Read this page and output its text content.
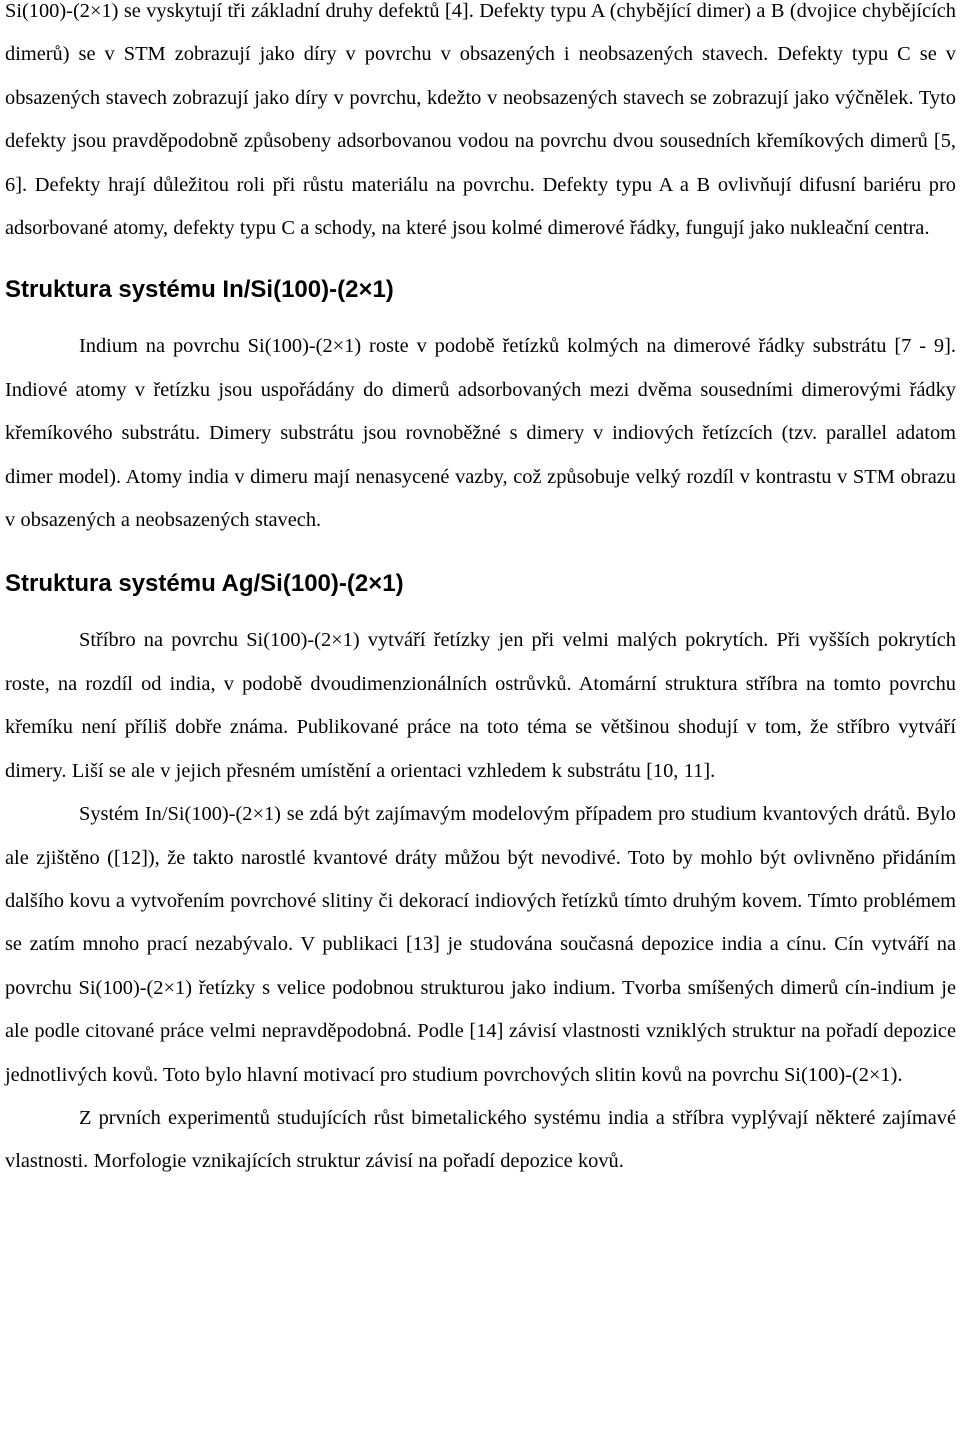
Si(100)-(2×1) se vyskytují tři základní druhy defektů [4]. Defekty typu A (chybějící dimer) a B (dvojice chybějících dimerů) se v STM zobrazují jako díry v povrchu v obsazených i neobsazených stavech. Defekty typu C se v obsazených stavech zobrazují jako díry v povrchu, kdežto v neobsazených stavech se zobrazují jako výčnělek. Tyto defekty jsou pravděpodobně způsobeny adsorbovanou vodou na povrchu dvou sousedních křemíkových dimerů [5, 6]. Defekty hrají důležitou roli při růstu materiálu na povrchu. Defekty typu A a B ovlivňují difusní bariéru pro adsorbované atomy, defekty typu C a schody, na které jsou kolmé dimerové řádky, fungují jako nukleační centra.

Struktura systému In/Si(100)-(2×1)

Indium na povrchu Si(100)-(2×1) roste v podobě řetízků kolmých na dimerové řádky substrátu [7 - 9]. Indiové atomy v řetízku jsou uspořádány do dimerů adsorbovaných mezi dvěma sousedními dimerovými řádky křemíkového substrátu. Dimery substrátu jsou rovnoběžné s dimery v indiových řetízcích (tzv. parallel adatom dimer model). Atomy india v dimeru mají nenasycené vazby, což způsobuje velký rozdíl v kontrastu v STM obrazu v obsazených a neobsazených stavech.

Struktura systému Ag/Si(100)-(2×1)

Stříbro na povrchu Si(100)-(2×1) vytváří řetízky jen při velmi malých pokrytích. Při vyšších pokrytích roste, na rozdíl od india, v podobě dvoudimenzionálních ostrůvků. Atomární struktura stříbra na tomto povrchu křemíku není příliš dobře známa. Publikované práce na toto téma se většinou shodují v tom, že stříbro vytváří dimery. Liší se ale v jejich přesném umístění a orientaci vzhledem k substrátu [10, 11].

Systém In/Si(100)-(2×1) se zdá být zajímavým modelovým případem pro studium kvantových drátů. Bylo ale zjištěno ([12]), že takto narostlé kvantové dráty můžou být nevodivé. Toto by mohlo být ovlivněno přidáním dalšího kovu a vytvořením povrchové slitiny či dekorací indiových řetízků tímto druhým kovem. Tímto problémem se zatím mnoho prací nezabývalo. V publikaci [13] je studována současná depozice india a cínu. Cín vytváří na povrchu Si(100)-(2×1) řetízky s velice podobnou strukturou jako indium. Tvorba smíšených dimerů cín-indium je ale podle citované práce velmi nepravděpodobná. Podle [14] závisí vlastnosti vzniklých struktur na pořadí depozice jednotlivých kovů. Toto bylo hlavní motivací pro studium povrchových slitin kovů na povrchu Si(100)-(2×1).

Z prvních experimentů studujících růst bimetalického systému india a stříbra vyplývají některé zajímavé vlastnosti. Morfologie vznikajících struktur závisí na pořadí depozice kovů.
